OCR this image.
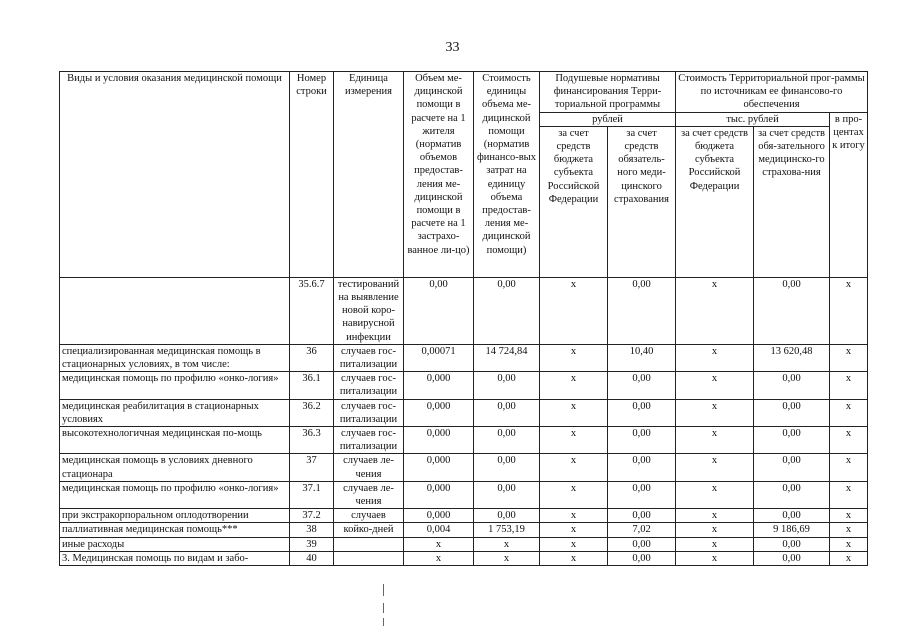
33
Виды и условия оказания медицинской помощи	Номер строки	Единица измерения	Объем ме-дицинской помощи в расчете на 1 жителя (норматив объемов предостав-ления ме-дицинской помощи в расчете на 1 застрахо-ванное ли-цо)	Стоимость единицы объема ме-дицинской помощи (норматив финансо-вых затрат на единицу объема предостав-ления ме-дицинской помощи)	Подушевые нормативы финансирования Терри-ториальной программы		Стоимость Территориальной прог-раммы по источникам ее финансово-го обеспечения		
					рублей		тыс. рублей		в про-центах к итогу
					за счет средств бюджета субъекта Российской Федерации	за счет средств обязатель-ного меди-цинского страхования	за счет средств бюджета субъекта Российской Федерации	за счет средств обя-зательного медицинско-го страхова-ния	
	35.6.7	тестирований на выявление новой коро-навирусной инфекции	0,00	0,00	x	0,00	x	0,00	x
специализированная медицинская помощь в стационарных условиях, в том числе:	36	случаев гос-питализации	0,00071	14 724,84	x	10,40	x	13 620,48	x
медицинская помощь по профилю «онко-логия»	36.1	случаев гос-питализации	0,000	0,00	x	0,00	x	0,00	x
медицинская реабилитация в стационарных условиях	36.2	случаев гос-питализации	0,000	0,00	x	0,00	x	0,00	x
высокотехнологичная медицинская по-мощь	36.3	случаев гос-питализации	0,000	0,00	x	0,00	x	0,00	x
медицинская помощь в условиях дневного стационара	37	случаев ле-чения	0,000	0,00	x	0,00	x	0,00	x
медицинская помощь по профилю «онко-логия»	37.1	случаев ле-чения	0,000	0,00	x	0,00	x	0,00	x
при экстракорпоральном оплодотворении	37.2	случаев	0,000	0,00	x	0,00	x	0,00	x
паллиативная медицинская помощь***	38	койко-дней	0,004	1 753,19	x	7,02	x	9 186,69	x
иные расходы	39		x	x	x	0,00	x	0,00	x
3. Медицинская помощь по видам и забо-	40		x	x	x	0,00	x	0,00	x
